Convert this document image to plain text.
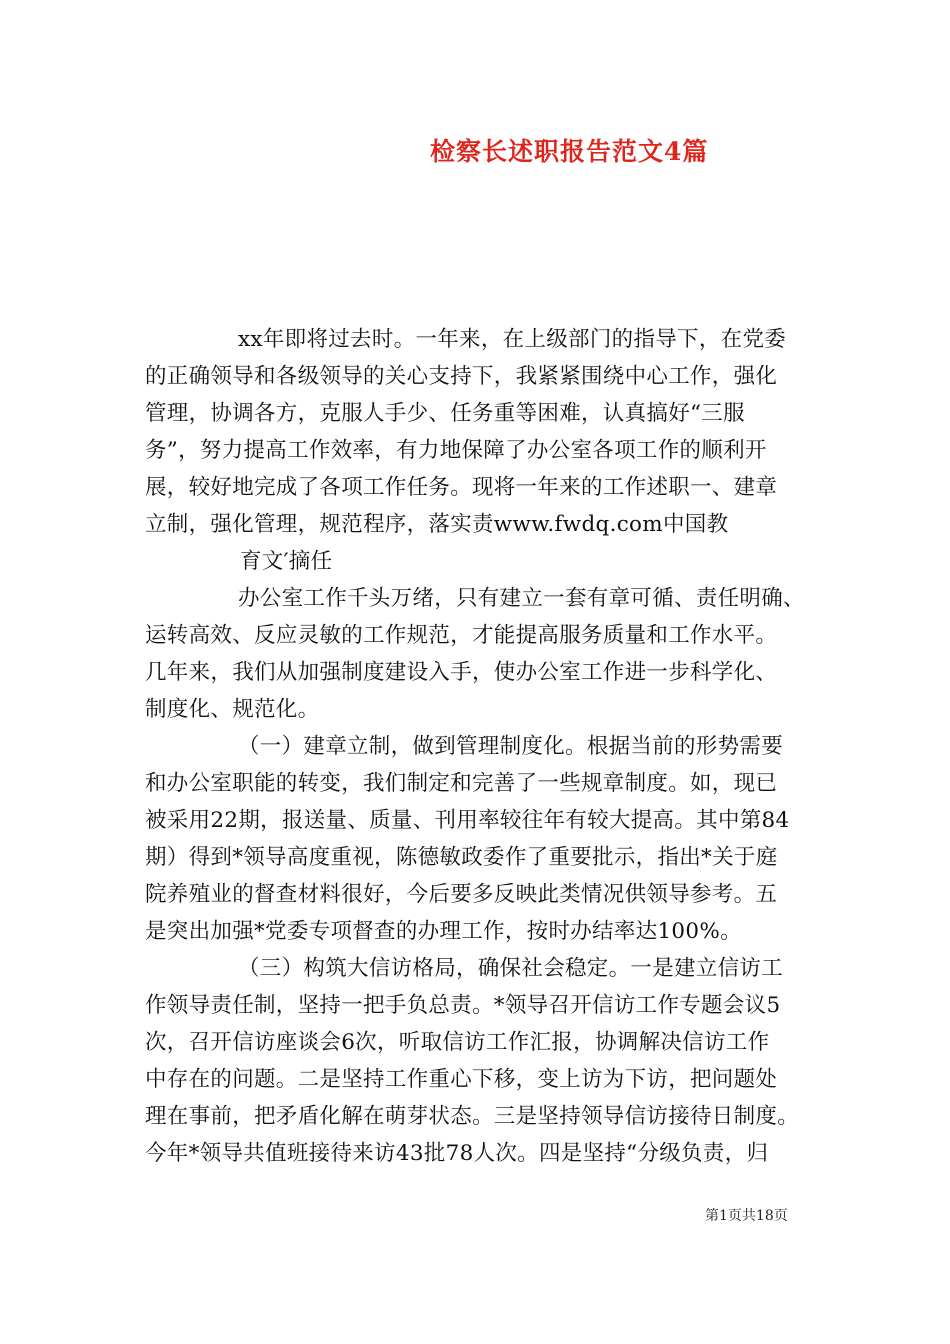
检察长述职报告范文4篇
xx年即将过去时。一年来，在上级部门的指导下，在党委
的正确领导和各级领导的关心支持下，我紧紧围绕中心工作，强化
管理，协调各方，克服人手少、任务重等困难，认真搞好“三服
务”，努力提高工作效率，有力地保障了办公室各项工作的顺利开
展，较好地完成了各项工作任务。现将一年来的工作述职一、建章
立制，强化管理，规范程序，落实责www.fwdq.com中国教
育文′摘任
办公室工作千头万绪，只有建立一套有章可循、责任明确、
运转高效、反应灵敏的工作规范，才能提高服务质量和工作水平。
几年来，我们从加强制度建设入手，使办公室工作进一步科学化、
制度化、规范化。
（一）建章立制，做到管理制度化。根据当前的形势需要
和办公室职能的转变，我们制定和完善了一些规章制度。如，现已
被采用22期，报送量、质量、刊用率较往年有较大提高。其中第84
期）得到*领导高度重视，陈德敏政委作了重要批示，指出*关于庭
院养殖业的督查材料很好，今后要多反映此类情况供领导参考。五
是突出加强*党委专项督查的办理工作，按时办结率达100%。
（三）构筑大信访格局，确保社会稳定。一是建立信访工
作领导责任制，坚持一把手负总责。*领导召开信访工作专题会议5
次，召开信访座谈会6次，听取信访工作汇报，协调解决信访工作
中存在的问题。二是坚持工作重心下移，变上访为下访，把问题处
理在事前，把矛盾化解在萌芽状态。三是坚持领导信访接待日制度。
今年*领导共值班接待来访43批78人次。四是坚持“分级负责，归
第1页共18页
